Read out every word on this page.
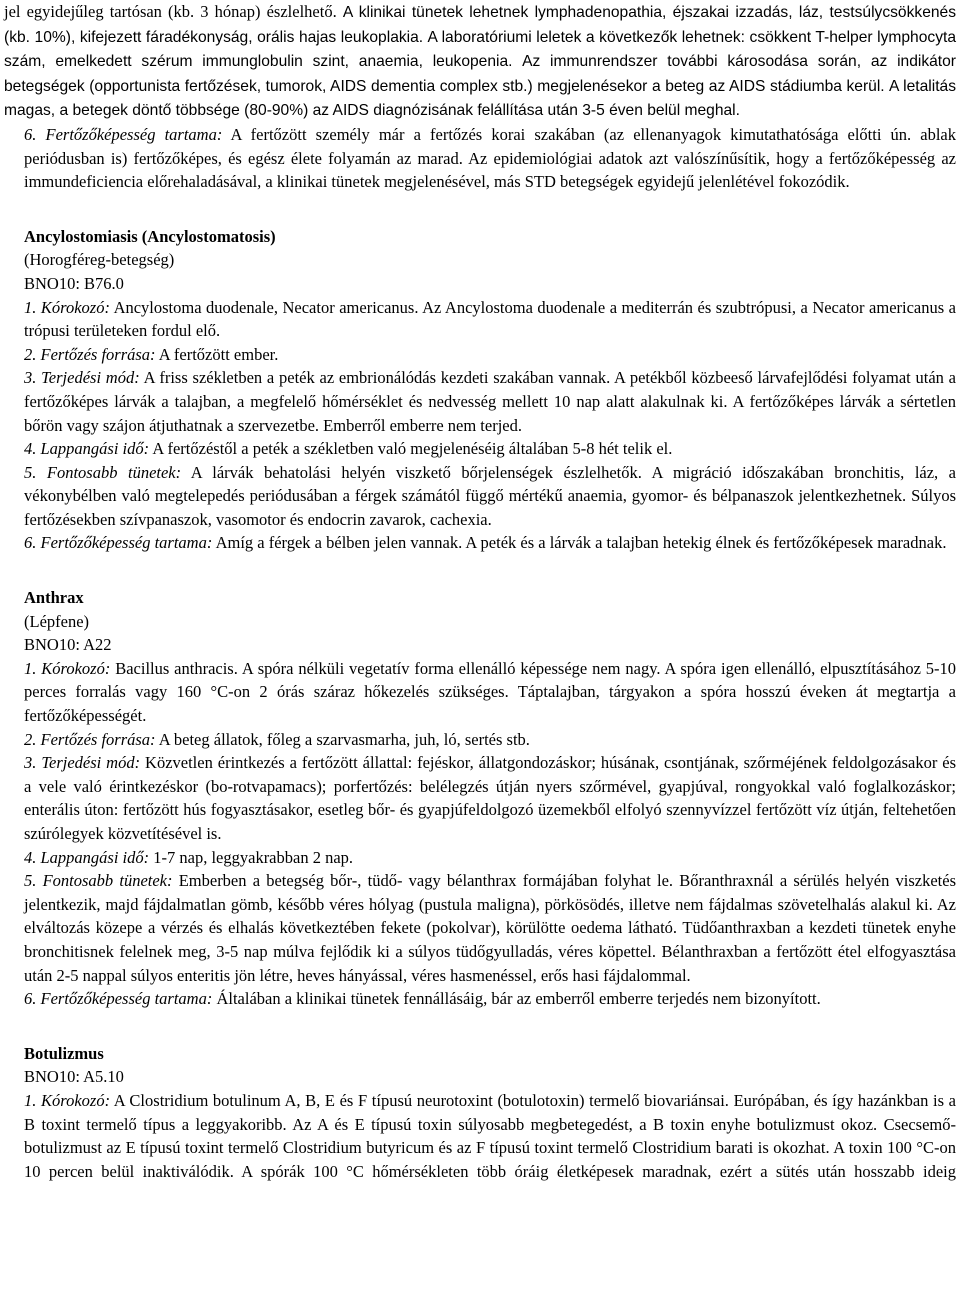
jel egyidejűleg tartósan (kb. 3 hónap) észlelhető. A klinikai tünetek lehetnek lymphadenopathia, éjszakai izzadás, láz, testsúlycsökkenés (kb. 10%), kifejezett fáradékonyság, orális hajas leukoplakia. A laboratóriumi leletek a következők lehetnek: csökkent T-helper lymphocyta szám, emelkedett szérum immunglobulin szint, anaemia, leukopenia. Az immunrendszer további károsodása során, az indikátor betegségek (opportunista fertőzések, tumorok, AIDS dementia complex stb.) megjelenésekor a beteg az AIDS stádiumba kerül. A letalitás magas, a betegek döntő többsége (80-90%) az AIDS diagnózisának felállítása után 3-5 éven belül meghal.

6. Fertőzőképesség tartama: A fertőzött személy már a fertőzés korai szakában (az ellenanyagok kimutathatósága előtti ún. ablak periódusban is) fertőzőképes, és egész élete folyamán az marad. Az epidemiológiai adatok azt valószínűsítik, hogy a fertőzőképesség az immundeficiencia előrehaladásával, a klinikai tünetek megjelenésével, más STD betegségek egyidejű jelenlétével fokozódik.

Ancylostomiasis (Ancylostomatosis)

(Horogféreg-betegség)

BNO10: B76.0

1. Kórokozó: Ancylostoma duodenale, Necator americanus. Az Ancylostoma duodenale a mediterrán és szubtrópusi, a Necator americanus a trópusi területeken fordul elő.

2. Fertőzés forrása: A fertőzött ember.

3. Terjedési mód: A friss székletben a peték az embrionálódás kezdeti szakában vannak. A petékből közbeeső lárvafejlődési folyamat után a fertőzőképes lárvák a talajban, a megfelelő hőmérséklet és nedvesség mellett 10 nap alatt alakulnak ki. A fertőzőképes lárvák a sértetlen bőrön vagy szájon átjuthatnak a szervezetbe. Emberről emberre nem terjed.

4. Lappangási idő: A fertőzéstől a peték a székletben való megjelenéséig általában 5-8 hét telik el.

5. Fontosabb tünetek: A lárvák behatolási helyén viszkető bőrjelenségek észlelhetők. A migráció időszakában bronchitis, láz, a vékonybélben való megtelepedés periódusában a férgek számától függő mértékű anaemia, gyomor- és bélpanaszok jelentkezhetnek. Súlyos fertőzésekben szívpanaszok, vasomotor és endocrin zavarok, cachexia.

6. Fertőzőképesség tartama: Amíg a férgek a bélben jelen vannak. A peték és a lárvák a talajban hetekig élnek és fertőzőképesek maradnak.

Anthrax

(Lépfene)

BNO10: A22

1. Kórokozó: Bacillus anthracis. A spóra nélküli vegetatív forma ellenálló képessége nem nagy. A spóra igen ellenálló, elpusztításához 5-10 perces forralás vagy 160 °C-on 2 órás száraz hőkezelés szükséges. Táptalajban, tárgyakon a spóra hosszú éveken át megtartja a fertőzőképességét.

2. Fertőzés forrása: A beteg állatok, főleg a szarvasmarha, juh, ló, sertés stb.

3. Terjedési mód: Közvetlen érintkezés a fertőzött állattal: fejéskor, állatgondozáskor; húsának, csontjának, szőrméjének feldolgozásakor és a vele való érintkezéskor (bo-rotvapamacs); porfertőzés: belélegzés útján nyers szőrmével, gyapjúval, rongyokkal való foglalkozáskor; enterális úton: fertőzött hús fogyasztásakor, esetleg bőr- és gyapjúfeldolgozó üzemekből elfolyó szennyvízzel fertőzött víz útján, feltehetően szúrólegyek közvetítésével is.

4. Lappangási idő: 1-7 nap, leggyakrabban 2 nap.

5. Fontosabb tünetek: Emberben a betegség bőr-, tüdő- vagy bélanthrax formájában folyhat le. Bőranthraxnál a sérülés helyén viszketés jelentkezik, majd fájdalmatlan gömb, később véres hólyag (pustula maligna), pörkösödés, illetve nem fájdalmas szövetelhalás alakul ki. Az elváltozás közepe a vérzés és elhalás következtében fekete (pokolvar), körülötte oedema látható. Tüdőanthraxban a kezdeti tünetek enyhe bronchitisnek felelnek meg, 3-5 nap múlva fejlődik ki a súlyos tüdőgyulladás, véres köpettel. Bélanthraxban a fertőzött étel elfogyasztása után 2-5 nappal súlyos enteritis jön létre, heves hányással, véres hasmenéssel, erős hasi fájdalommal.

6. Fertőzőképesség tartama: Általában a klinikai tünetek fennállásáig, bár az emberről emberre terjedés nem bizonyított.

Botulizmus

BNO10: A5.10

1. Kórokozó: A Clostridium botulinum A, B, E és F típusú neurotoxint (botulotoxin) termelő biovariánsai. Európában, és így hazánkban is a B toxint termelő típus a leggyakoribb. Az A és E típusú toxin súlyosabb megbetegedést, a B toxin enyhe botulizmust okoz. Csecsemő-botulizmust az E típusú toxint termelő Clostridium butyricum és az F típusú toxint termelő Clostridium barati is okozhat. A toxin 100 °C-on 10 percen belül inaktiválódik. A spórák 100 °C hőmérsékleten több óráig életképesek maradnak, ezért a sütés után hosszabb ideig
